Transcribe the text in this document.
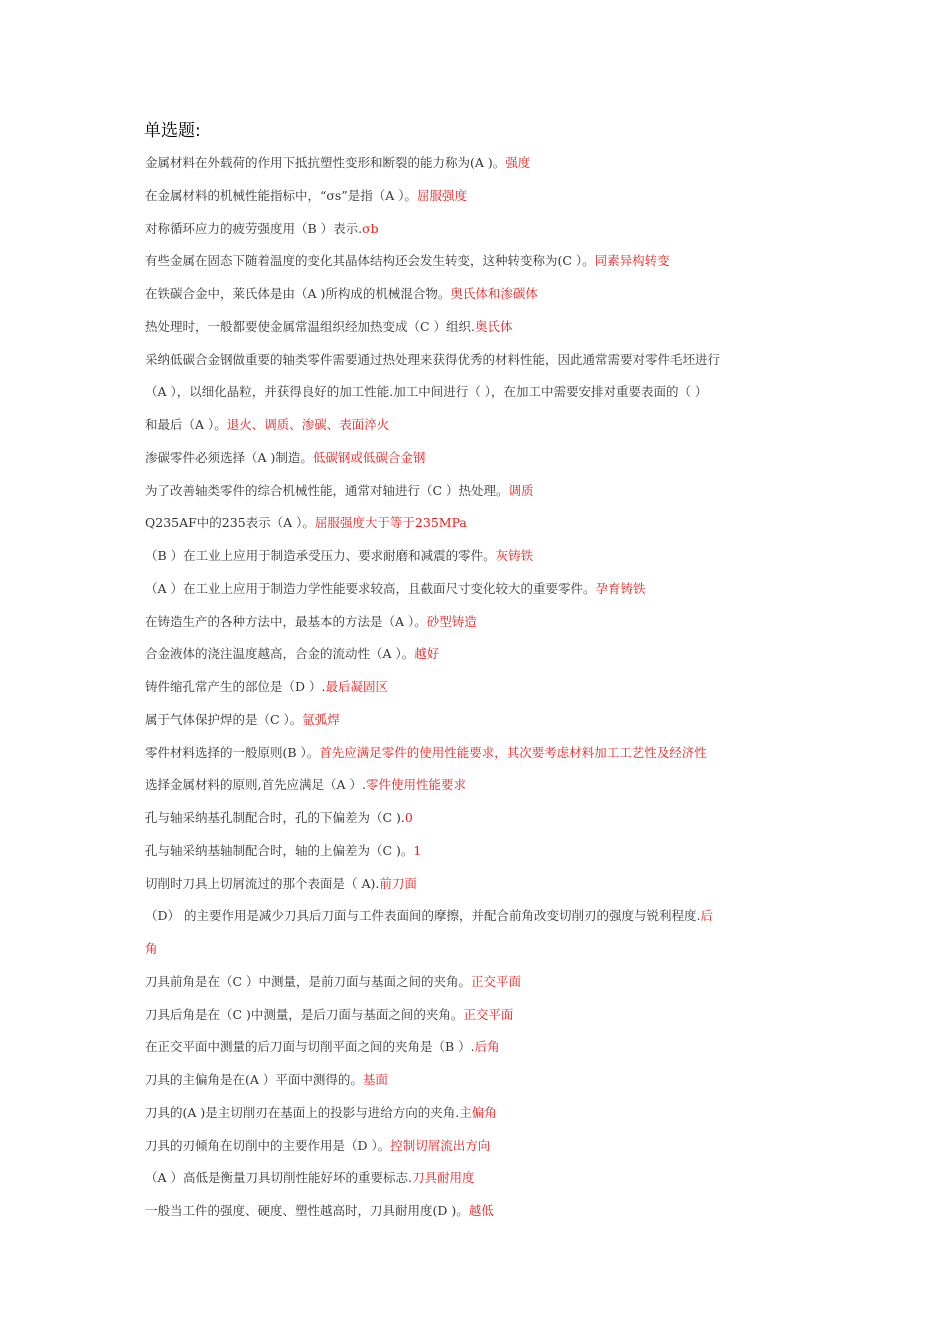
单选题:
金属材料在外载荷的作用下抵抗塑性变形和断裂的能力称为(A )。强度
在金属材料的机械性能指标中，“σs”是指（A ）。屈服强度
对称循环应力的疲劳强度用（B ）表示.σb
有些金属在固态下随着温度的变化其晶体结构还会发生转变，这种转变称为(C ）。同素异构转变
在铁碳合金中，莱氏体是由（A )所构成的机械混合物。奥氏体和渗碳体
热处理时，一般都要使金属常温组织经加热变成（C ）组织.奥氏体
采纳低碳合金钢做重要的轴类零件需要通过热处理来获得优秀的材料性能，因此通常需要对零件毛坯进行
（A ），以细化晶粒，并获得良好的加工性能.加工中间进行（ ），在加工中需要安排对重要表面的（ ）
和最后（A ）。退火、调质、渗碳、表面淬火
渗碳零件必须选择（A )制造。低碳钢或低碳合金钢
为了改善轴类零件的综合机械性能，通常对轴进行（C ）热处理。调质
Q235AF中的235表示（A ）。屈服强度大于等于235MPa
（B ）在工业上应用于制造承受压力、要求耐磨和减震的零件。灰铸铁
（A ）在工业上应用于制造力学性能要求较高，且截面尺寸变化较大的重要零件。孕育铸铁
在铸造生产的各种方法中，最基本的方法是（A ）。砂型铸造
合金液体的浇注温度越高，合金的流动性（A ）。越好
铸件缩孔常产生的部位是（D ）.最后凝固区
属于气体保护焊的是（C ）。氩弧焊
零件材料选择的一般原则(B ）。首先应满足零件的使用性能要求，其次要考虑材料加工工艺性及经济性
选择金属材料的原则,首先应满足（A ）.零件使用性能要求
孔与轴采纳基孔制配合时，孔的下偏差为（C ).0
孔与轴采纳基轴制配合时，轴的上偏差为（C )。1
切削时刀具上切屑流过的那个表面是（ A).前刀面
（D） 的主要作用是减少刀具后刀面与工件表面间的摩擦，并配合前角改变切削刃的强度与锐利程度.后
角
刀具前角是在（C ）中测量，是前刀面与基面之间的夹角。正交平面
刀具后角是在（C )中测量，是后刀面与基面之间的夹角。正交平面
在正交平面中测量的后刀面与切削平面之间的夹角是（B ）.后角
刀具的主偏角是在(A ）平面中测得的。基面
刀具的(A )是主切削刃在基面上的投影与进给方向的夹角.主偏角
刀具的刃倾角在切削中的主要作用是（D ）。控制切屑流出方向
（A ）高低是衡量刀具切削性能好坏的重要标志.刀具耐用度
一般当工件的强度、硬度、塑性越高时，刀具耐用度(D )。越低
